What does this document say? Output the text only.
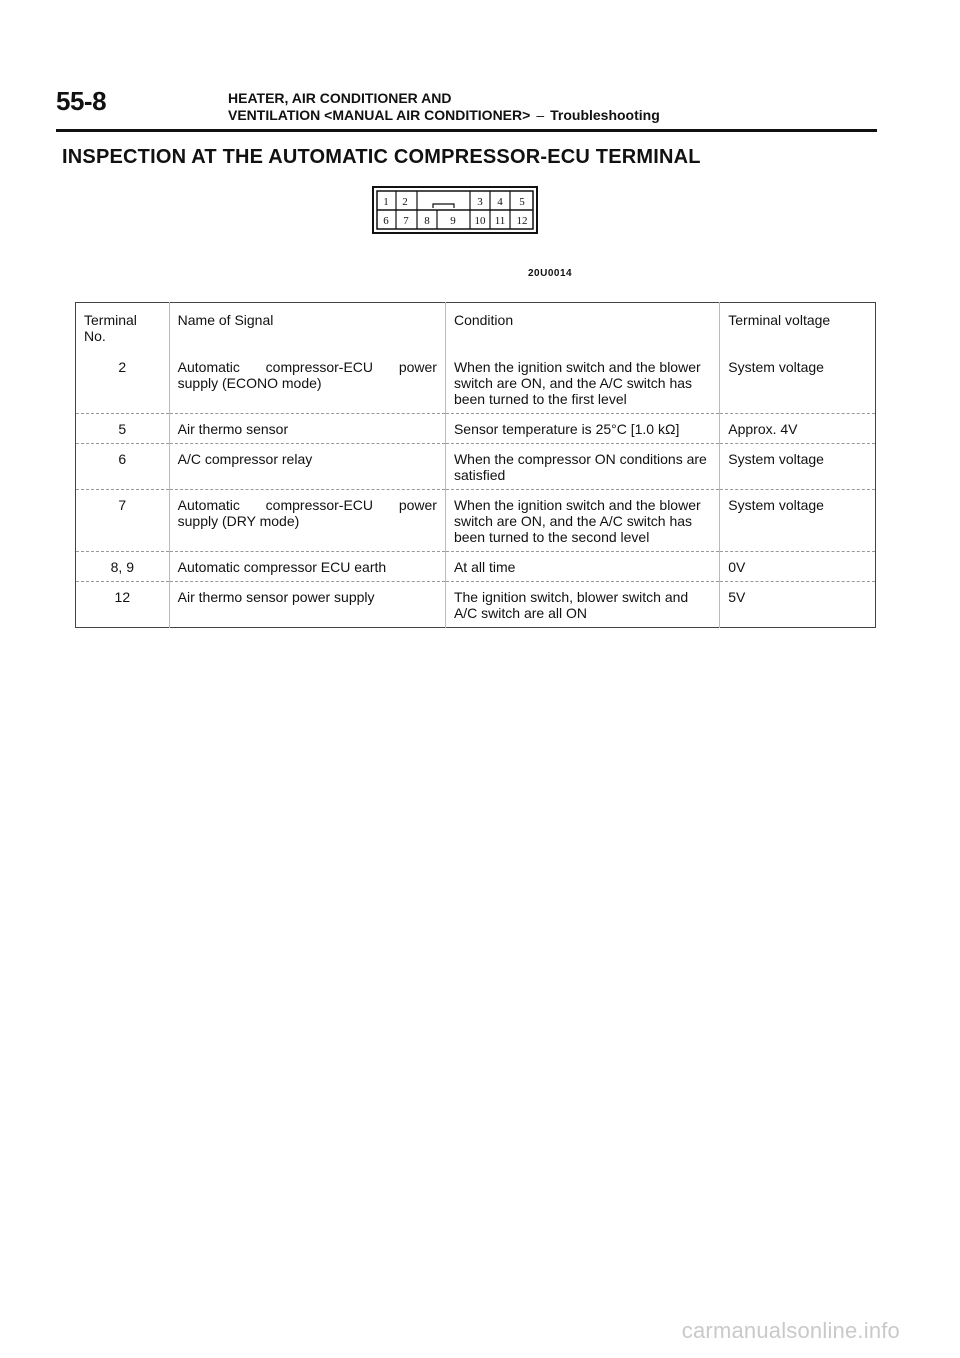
55-8	HEATER, AIR CONDITIONER AND
VENTILATION <MANUAL AIR CONDITIONER> – Troubleshooting
INSPECTION AT THE AUTOMATIC COMPRESSOR-ECU TERMINAL
1 2	3 4 5
6 7 8 9 10 11 12
20U0014
Terminal
No.	Name of Signal	Condition	Terminal voltage
2	Automatic compressor-ECU power supply (ECONO mode)	When the ignition switch and the blower switch are ON, and the A/C switch has been turned to the first level	System voltage
5	Air thermo sensor	Sensor temperature is 25°C [1.0 kΩ]	Approx. 4V
6	A/C compressor relay	When the compressor ON conditions are satisfied	System voltage
7	Automatic compressor-ECU power supply (DRY mode)	When the ignition switch and the blower switch are ON, and the A/C switch has been turned to the second level	System voltage
8, 9	Automatic compressor ECU earth	At all time	0V
12	Air thermo sensor power supply	The ignition switch, blower switch and A/C switch are all ON	5V
carmanualsonline.info
